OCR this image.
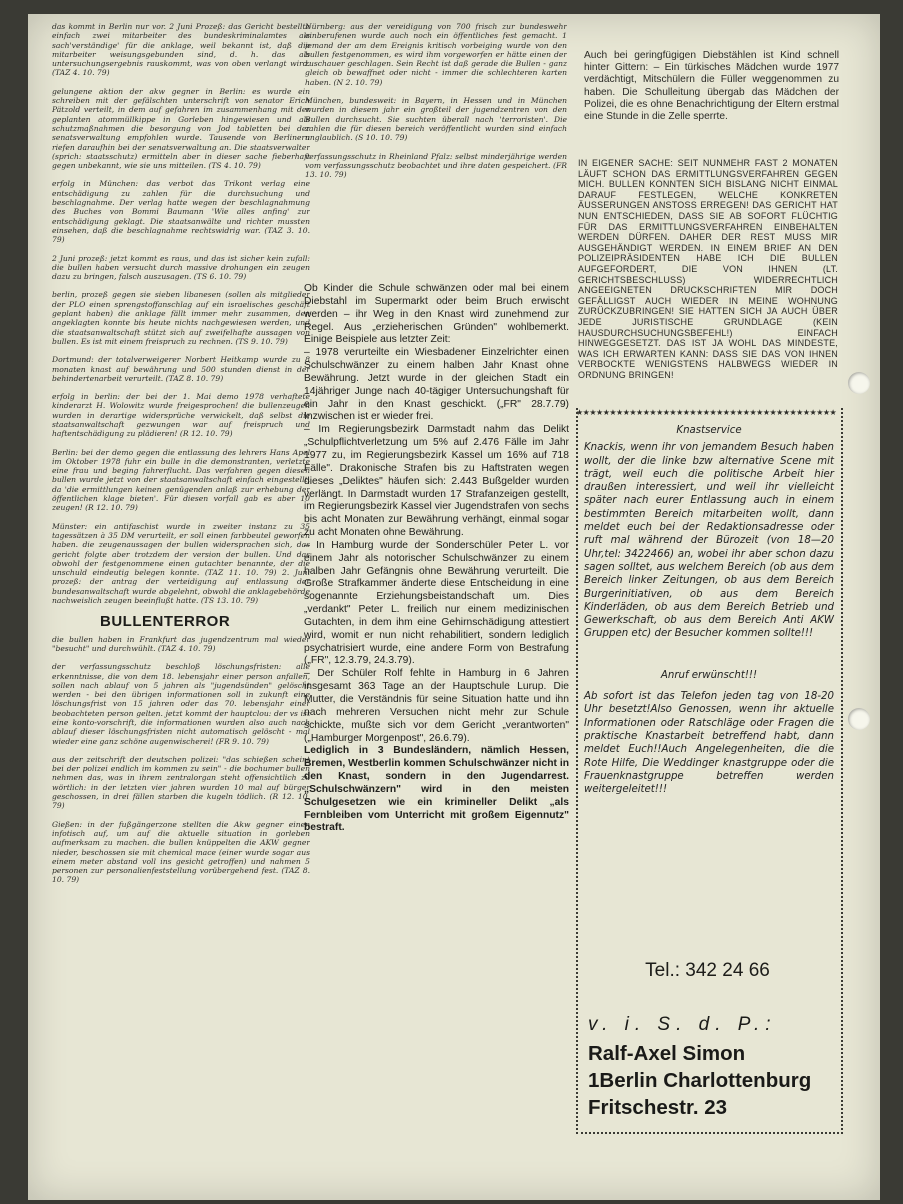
das kommt in Berlin nur vor. 2 Juni Prozeß: das Gericht bestellte einfach zwei mitarbeiter des bundeskriminalamtes als sach'verständige' für die anklage, weil bekannt ist, daß die mitarbeiter weisungsgebunden sind, d. h. das als untersuchungsergebnis rauskommt, was von oben verlangt wird. (TAZ 4. 10. 79)

gelungene aktion der akw gegner in Berlin: es wurde ein schreiben mit der gefälschten unterschrift von senator Erich Pätzold verteilt, in dem auf gefahren im zusammenhang mit der geplanten atommüllkippe in Gorleben hingewiesen und als schutzmaßnahmen die besorgung von Jod tabletten bei der senatsverwaltung empfohlen wurde. Tausende von Berlinern riefen daraufhin bei der senatsverwaltung an. Die staatsverwalter (sprich: staatsschutz) ermitteln aber in dieser sache fieberhaft gegen unbekannt, wie sie uns mitteilen. (TS 4. 10. 79)

erfolg in München: das verbot das Trikont verlag eine entschädigung zu zahlen für die durchsuchung und beschlagnahme. Der verlag hatte wegen der beschlagnahmung des Buches von Bommi Baumann 'Wie alles anfing' zur entschädigung geklagt. Die staatsanwälte und richter mussten einsehen, daß die beschlagnahme rechtswidrig war. (TAZ 3. 10. 79)

2 Juni prozeß: jetzt kommt es raus, und das ist sicher kein zufall: die bullen haben versucht durch massive drohungen ein zeugen dazu zu bringen, falsch auszusagen. (TS 6. 10. 79)

berlin, prozeß gegen sie sieben libanesen (sollen als mitglieder der PLO einen sprengstoffanschlag auf ein israelisches geschäft geplant haben) die anklage fällt immer mehr zusammen, den angeklagten konnte bis heute nichts nachgewiesen werden, und die staatsanwaltschaft stützt sich auf zweifelhafte aussagen von bullen. Es ist mit einem freispruch zu rechnen. (TS 9. 10. 79)

Dortmund: der totalverweigerer Norbert Heitkamp wurde zu 8 monaten knast auf bewährung und 500 stunden dienst in der behindertenarbeit verurteilt. (TAZ 8. 10. 79)

erfolg in berlin: der bei der 1. Mai demo 1978 verhaftete kinderarzt H. Wolowitz wurde freigesprochen! die bullenzeugen wurden in derartige widersprüche verwickelt, daß selbst die staatsanwaltschaft gezwungen war auf freispruch und haftentschädigung zu plädieren! (R 12. 10. 79)

Berlin: bei der demo gegen die entlassung des lehrers Hans Apel im Oktober 1978 fuhr ein bulle in die demonstranten, verletzte eine frau und beging fahrerflucht. Das verfahren gegen diesen bullen wurde jetzt von der staatsanwaltschaft einfach eingestellt, da 'die ermittlungen keinen genügenden anlaß zur erhebung der öffentlichen klage bieten'. Für diesen vorfall gab es aber 10 zeugen! (R 12. 10. 79)

Münster: ein antifaschist wurde in zweiter instanz zu 35 tagessätzen à 35 DM verurteilt, er soll einen farbbeutel geworfen haben. die zeugenaussagen der bullen widersprachen sich, das gericht folgte aber trotzdem der version der bullen. Und das obwohl der festgenommene einen gutachter benannte, der die unschuld eindeutig belegen konnte. (TAZ 11. 10. 79) 2. Juni prozeß: der antrag der verteidigung auf entlassung der bundesanwaltschaft wurde abgelehnt, obwohl die anklagebehörde nachweislich zeugen beeinflußt hatte. (TS 13. 10. 79)

BULLENTERROR

die bullen haben in Frankfurt das jugendzentrum mal wieder "besucht" und durchwühlt. (TAZ 4. 10. 79)

der verfassungsschutz beschloß löschungsfristen: alle erkenntnisse, die von dem 18. lebensjahr einer person anfallen, sollen nach ablauf von 5 jahren als "jugendsünden" gelöscht werden - bei den übrigen informationen soll in zukunft eine löschungsfrist von 15 jahren oder das 70. lebensjahr einer beobachteten person gelten. jetzt kommt der hauptclou: der vs ist eine konto-vorschrift, die informationen wurden also auch nach ablauf dieser löschungsfristen nicht automatisch gelöscht - mal wieder eine ganz schöne augenwischerei! (FR 9. 10. 79)

aus der zeitschrift der deutschen polizei: "das schießen scheint bei der polizei endlich im kommen zu sein" - die bochumer bullen nehmen das, was in ihrem zentralorgan steht offensichtlich zu wörtlich: in der letzten vier jahren wurden 10 mal auf bürger geschossen, in drei fällen starben die kugeln tödlich. (R 12. 10. 79)

Gießen: in der fußgängerzone stellten die Akw gegner einen infotisch auf, um auf die aktuelle situation in gorleben aufmerksam zu machen. die bullen knüppelten die AKW gegner nieder, beschossen sie mit chemical mace (einer wurde sogar aus einem meter abstand voll ins gesicht getroffen) und nahmen 5 personen zur personalienfeststellung vorübergehend fest. (TAZ 8. 10. 79)

Nürnberg: aus der vereidigung von 700 frisch zur bundeswehr einberufenen wurde auch noch ein öffentliches fest gemacht. 1 jemand der am dem Ereignis kritisch vorbeiging wurde von den bullen festgenommen, es wird ihm vorgeworfen er hätte einen der zuschauer geschlagen. Sein Recht ist daß gerade die Bullen - ganz gleich ob bewaffnet oder nicht - immer die schlechteren karten haben. (N 2. 10. 79)

München, bundesweit: in Bayern, in Hessen und in München wurden in diesem jahr ein großteil der jugendzentren von den Bullen durchsucht. Sie suchten überall nach 'terroristen'. Die zahlen die für diesen bereich veröffentlicht wurden sind einfach unglaublich. (S 10. 10. 79)

verfassungsschutz in Rheinland Pfalz: selbst minderjährige werden vom verfassungsschutz beobachtet und ihre daten gespeichert. (FR 13. 10. 79)

Ob Kinder die Schule schwänzen oder mal bei einem Diebstahl im Supermarkt oder beim Bruch erwischt werden – ihr Weg in den Knast wird zunehmend zur Regel. Aus „erzieherischen Gründen" wohlbemerkt. Einige Beispiele aus letzter Zeit:

– 1978 verurteilte ein Wiesbadener Einzelrichter einen Schulschwänzer zu einem halben Jahr Knast ohne Bewährung. Jetzt wurde in der gleichen Stadt ein 14jähriger Junge nach 40-tägiger Untersuchungshaft für ein Jahr in den Knast geschickt. („FR" 28.7.79) Inzwischen ist er wieder frei.

– Im Regierungsbezirk Darmstadt nahm das Delikt „Schulpflichtverletzung um 5% auf 2.476 Fälle im Jahr 1977 zu, im Regierungsbezirk Kassel um 16% auf 718 Fälle". Drakonische Strafen bis zu Haftstraten wegen dieses „Deliktes" häufen sich: 2.443 Bußgelder wurden verlängt. In Darmstadt wurden 17 Strafanzeigen gestellt, im Regierungsbezirk Kassel vier Jugendstrafen von sechs bis acht Monaten zur Bewährung verhängt, einmal sogar zu acht Monaten ohne Bewährung.

– In Hamburg wurde der Sonderschüler Peter L. vor einem Jahr als notorischer Schulschwänzer zu einem halben Jahr Gefängnis ohne Bewährung verurteilt. Die Große Strafkammer änderte diese Entscheidung in eine sogenannte Erziehungsbeistandschaft um. Dies „verdankt" Peter L. freilich nur einem medizinischen Gutachten, in dem ihm eine Gehirnschädigung attestiert wird, womit er nun nicht rehabilitiert, sondern lediglich psychatrisiert wurde, eine andere Form von Bestrafung („FR", 12.3.79, 24.3.79).

– Der Schüler Rolf fehlte in Hamburg in 6 Jahren insgesamt 363 Tage an der Hauptschule Lurup. Die Mutter, die Verständnis für seine Situation hatte und ihn nach mehreren Versuchen nicht mehr zur Schule schickte, mußte sich vor dem Gericht „verantworten" („Hamburger Morgenpost", 26.6.79).

Lediglich in 3 Bundesländern, nämlich Hessen, Bremen, Westberlin kommen Schulschwänzer nicht in den Knast, sondern in den Jugendarrest. „Schulschwänzern" wird in den meisten Schulgesetzen wie ein krimineller Delikt „als Fernbleiben vom Unterricht mit großem Eigennutz" bestraft.

Auch bei geringfügigen Diebstählen ist Kind schnell hinter Gittern: – Ein türkisches Mädchen wurde 1977 verdächtigt, Mitschülern die Füller weggenommen zu haben. Die Schulleitung übergab das Mädchen der Polizei, die es ohne Benachrichtigung der Eltern erstmal eine Stunde in die Zelle sperrte.

IN EIGENER SACHE: SEIT NUNMEHR FAST 2 MONATEN LÄUFT SCHON DAS ERMITTLUNGSVERFAHREN GEGEN MICH. BULLEN KONNTEN SICH BISLANG NICHT EINMAL DARAUF FESTLEGEN, WELCHE KONKRETEN ÄUSSERUNGEN ANSTOSS ERREGEN! DAS GERICHT HAT NUN ENTSCHIEDEN, DASS SIE AB SOFORT FLÜCHTIG FÜR DAS ERMITTLUNGSVERFAHREN EINBEHALTEN WERDEN DÜRFEN. DAHER DER REST MUSS MIR AUSGEHÄNDIGT WERDEN. IN EINEM BRIEF AN DEN POLIZEIPRÄSIDENTEN HABE ICH DIE BULLEN AUFGEFORDERT, DIE VON IHNEN (LT. GERICHTSBESCHLUSS) WIDERRECHTLICH ANGEEIGNETEN DRUCKSCHRIFTEN MIR DOCH GEFÄLLIGST AUCH WIEDER IN MEINE WOHNUNG ZURÜCKZUBRINGEN! SIE HATTEN SICH JA AUCH ÜBER JEDE JURISTISCHE GRUNDLAGE (KEIN HAUSDURCHSUCHUNGSBEFEHL!) EINFACH HINWEGGESETZT. DAS IST JA WOHL DAS MINDESTE, WAS ICH ERWARTEN KANN: DASS SIE DAS VON IHNEN VERBOCKTE WENIGSTENS HALBWEGS WIEDER IN ORDNUNG BRINGEN!

★★★★★★★★★★★★★★★★★★★★★★★★★★★★★★★★★★★★★★★
Knastservice

Knackis, wenn ihr von jemandem Besuch haben wollt, der die linke bzw alternative Scene mit trägt, weil euch die politische Arbeit hier draußen interessiert, und weil ihr vielleicht später nach eurer Entlassung auch in einem bestimmten Bereich mitarbeiten wollt, dann meldet euch bei der Redaktionsadresse oder ruft mal während der Bürozeit (von 18—20 Uhr,tel: 3422466) an, wobei ihr aber schon dazu sagen solltet, aus welchem Bereich (ob aus dem Bereich linker Zeitungen, ob aus dem Bereich Burgerinitiativen, ob aus dem Bereich Kinderläden, ob aus dem Bereich Betrieb und Gewerkschaft, ob aus dem Bereich Anti AKW Gruppen etc) der Besucher kommen sollte!!!

Anruf erwünscht!!!

Ab sofort ist das Telefon jeden tag von 18-20 Uhr besetzt!Also Genossen, wenn ihr aktuelle Informationen oder Ratschläge oder Fragen die praktische Knastarbeit betreffend habt, dann meldet Euch!!Auch Angelegenheiten, die die Rote Hilfe, Die Weddinger knastgruppe oder die Frauenknastgruppe betreffen werden weitergeleitet!!!

Tel.: 342 24 66
v. i. S. d. P.:
Ralf-Axel Simon
1Berlin Charlottenburg
Fritschestr. 23
